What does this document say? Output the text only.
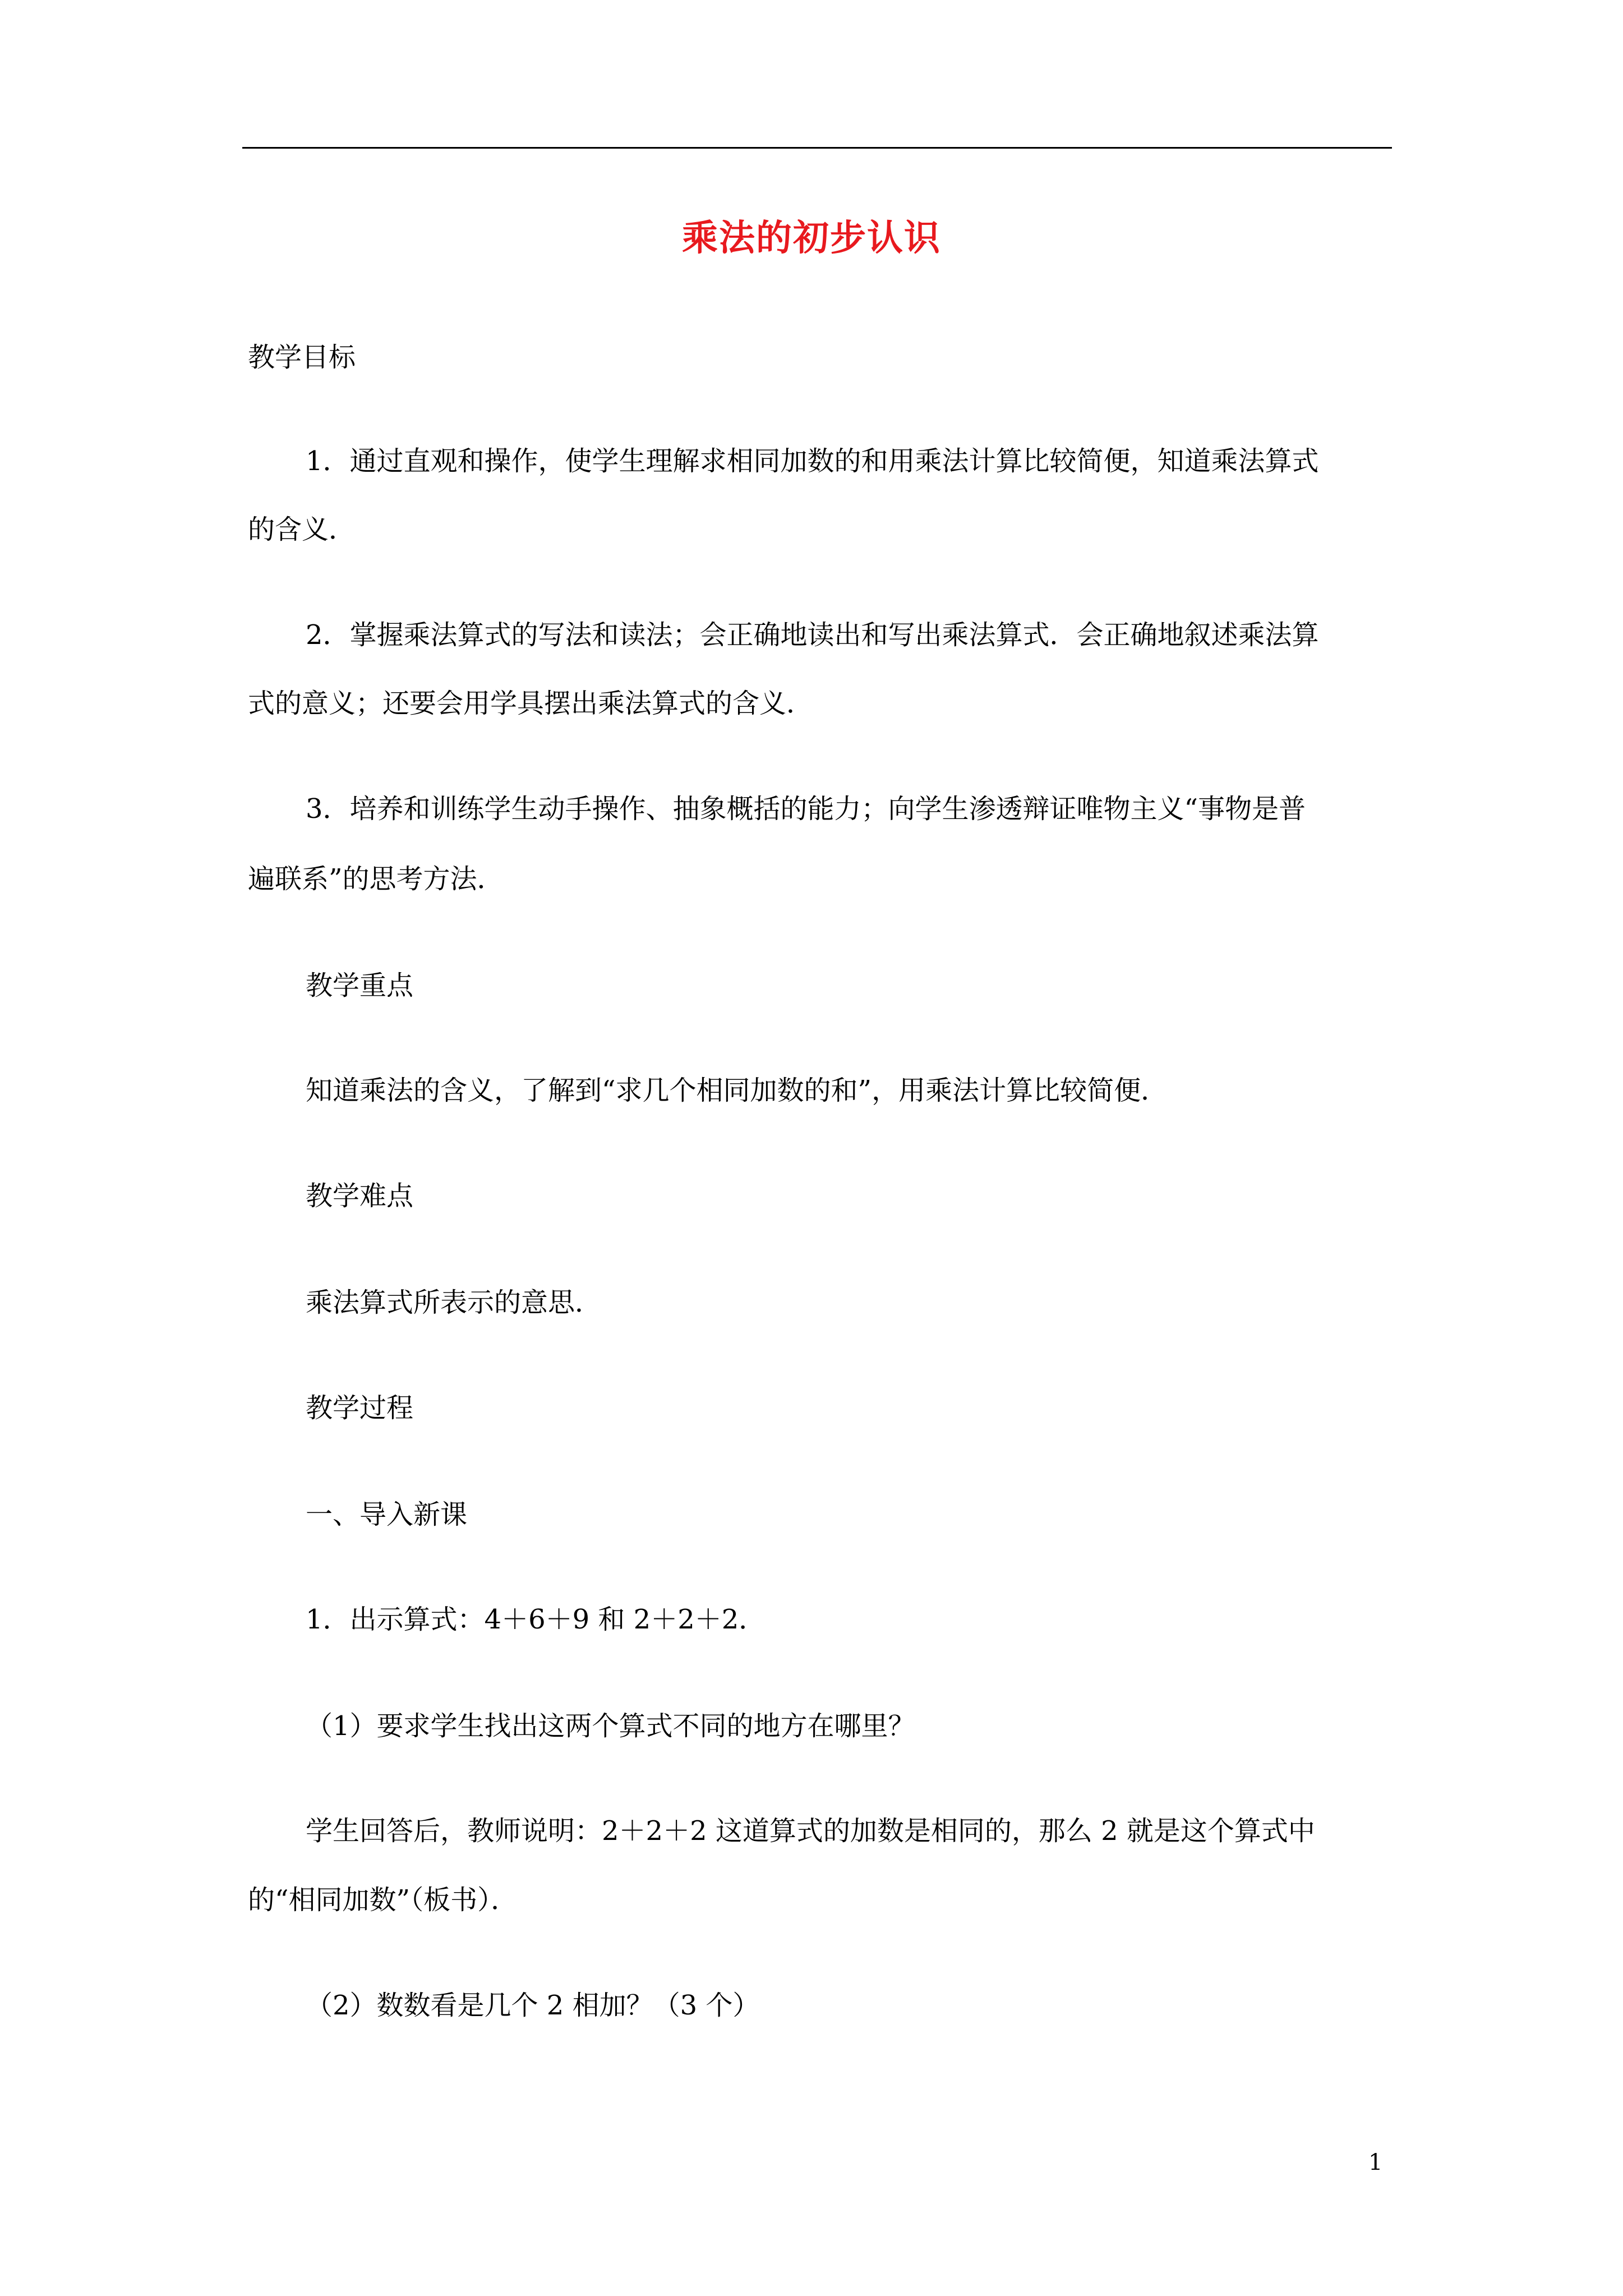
乘法的初步认识
教学目标
1．通过直观和操作，使学生理解求相同加数的和用乘法计算比较简便，知道乘法算式
的含义．
2．掌握乘法算式的写法和读法；会正确地读出和写出乘法算式．会正确地叙述乘法算
式的意义；还要会用学具摆出乘法算式的含义．
3．培养和训练学生动手操作、抽象概括的能力；向学生渗透辩证唯物主义“事物是普
遍联系”的思考方法．
教学重点
知道乘法的含义，了解到“求几个相同加数的和”，用乘法计算比较简便．
教学难点
乘法算式所表示的意思．
教学过程
一、导入新课
1．出示算式：4＋6＋9 和 2＋2＋2．
（1）要求学生找出这两个算式不同的地方在哪里？
学生回答后，教师说明：2＋2＋2 这道算式的加数是相同的，那么 2 就是这个算式中
的“相同加数”（板书）．
（2）数数看是几个 2 相加？（3 个）
1
